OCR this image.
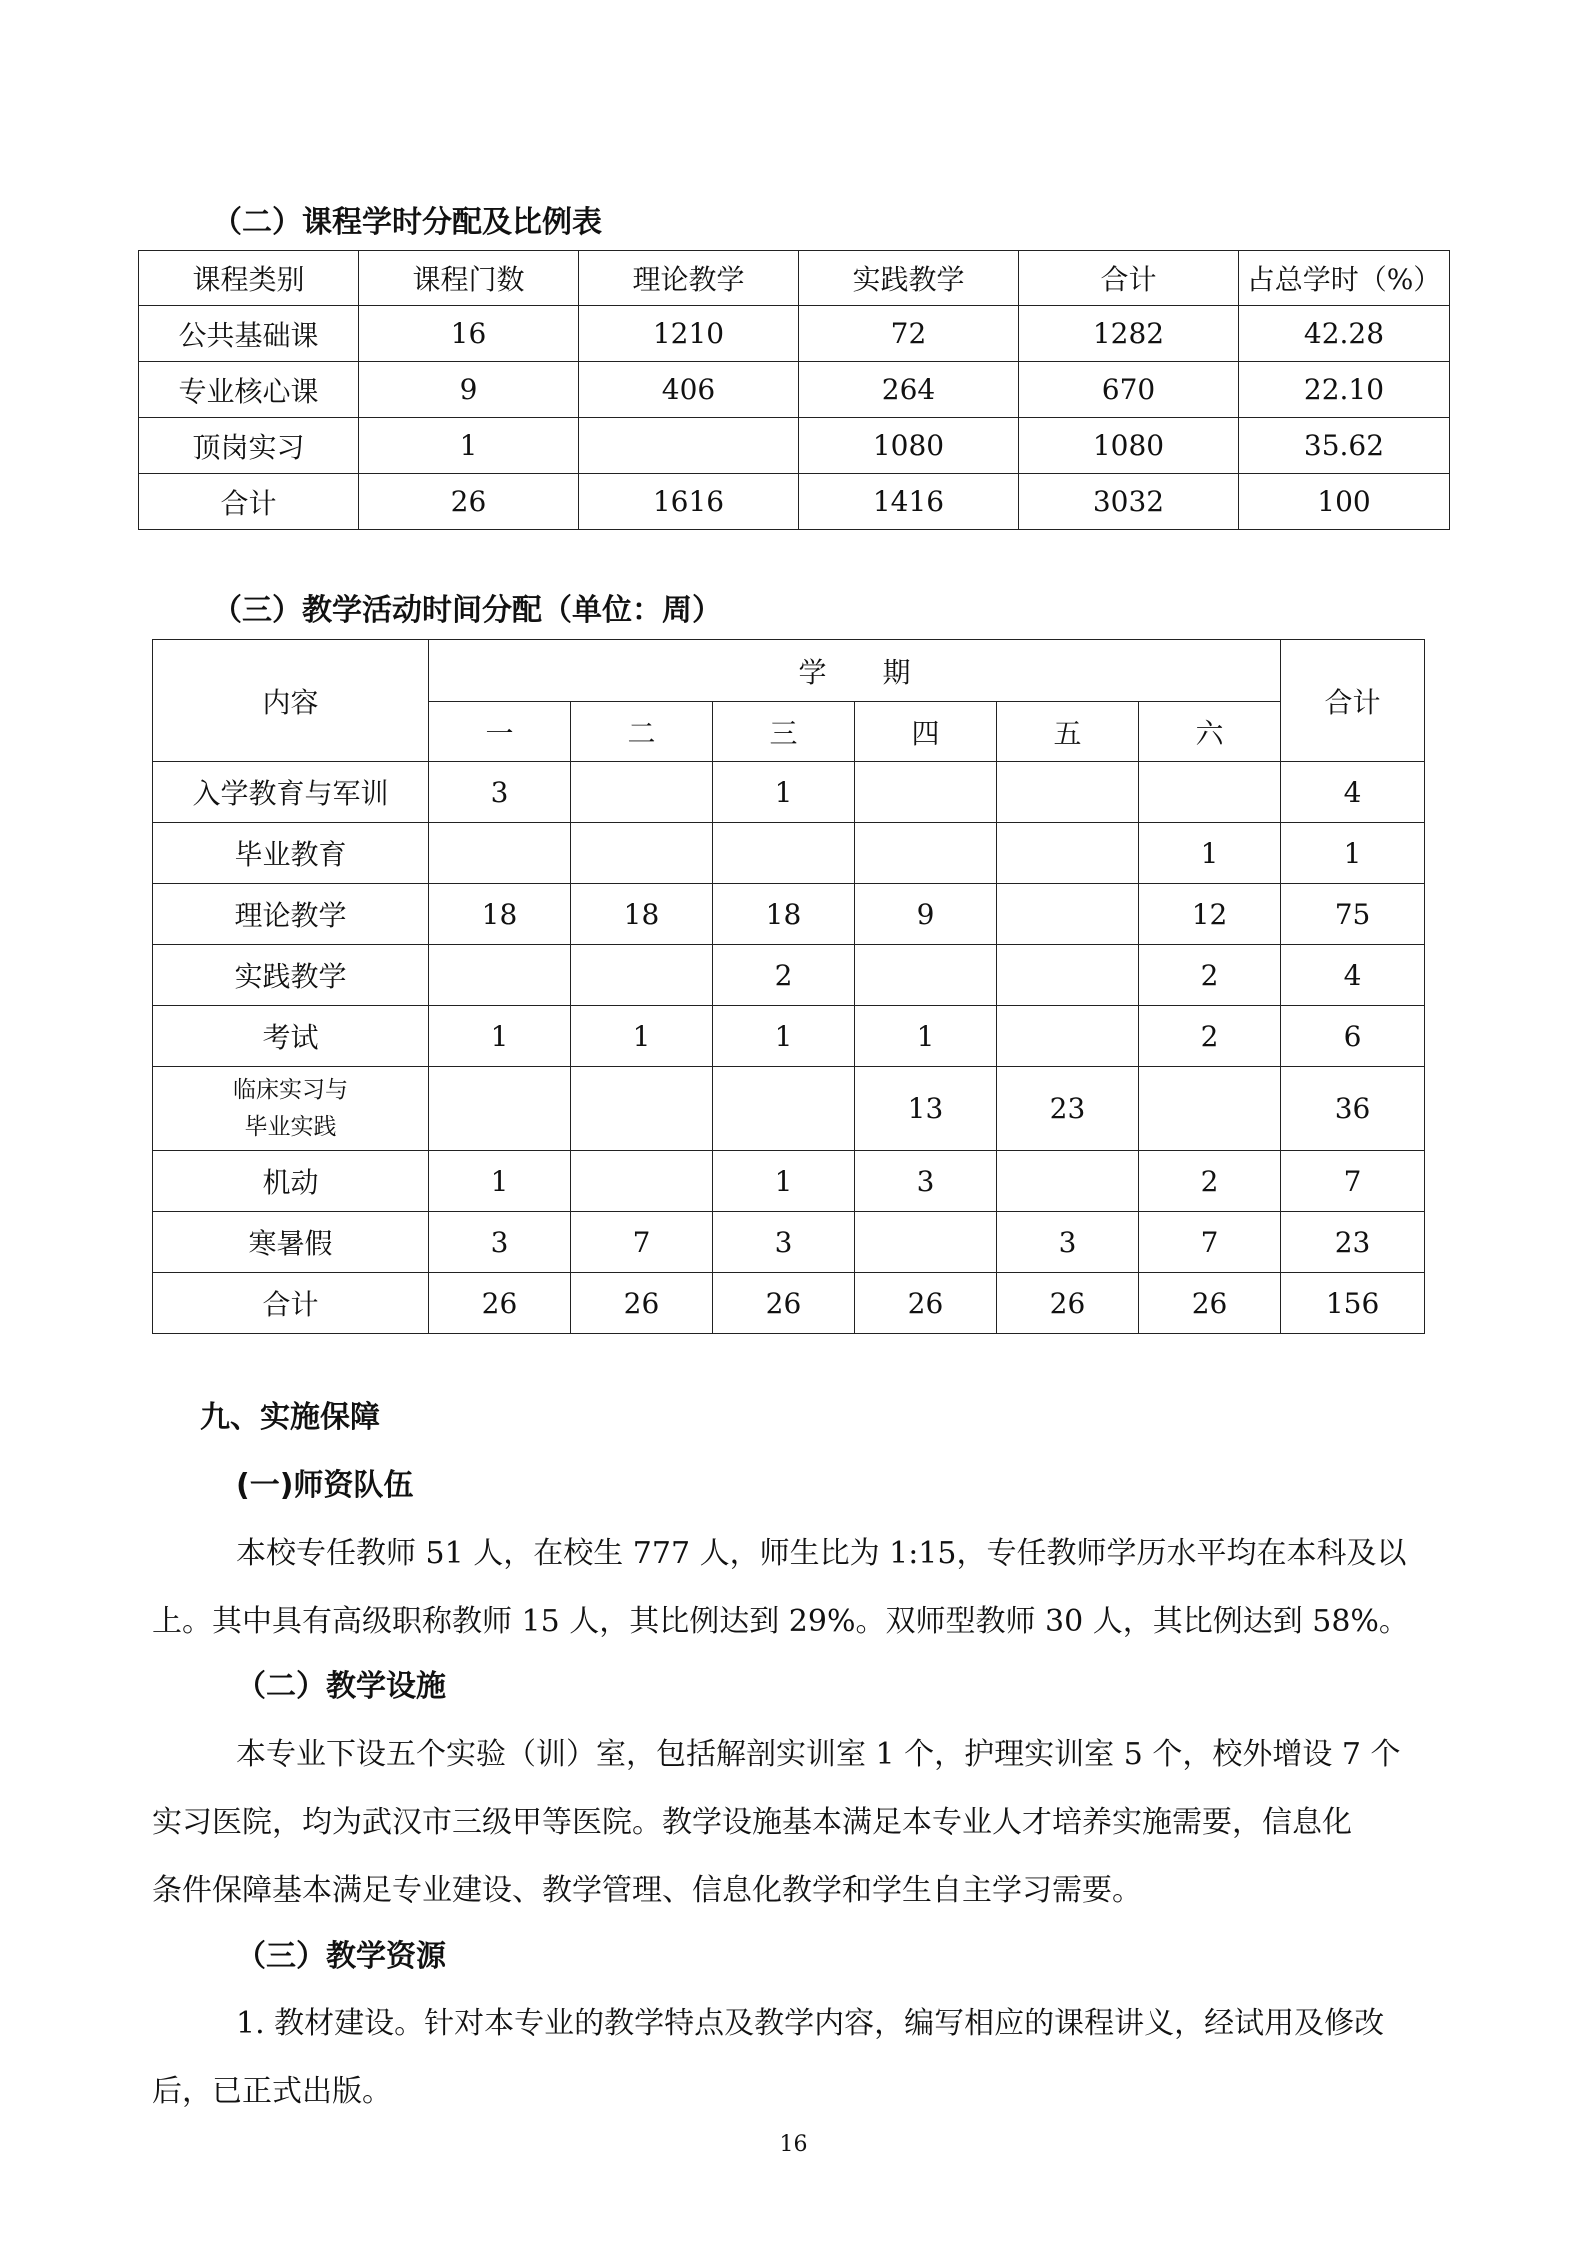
（二）课程学时分配及比例表
课程类别	课程门数	理论教学	实践教学	合计	占总学时（%）
公共基础课	16	1210	72	1282	42.28
专业核心课	9	406	264	670	22.10
顶岗实习	1		1080	1080	35.62
合计	26	1616	1416	3032	100
（三）教学活动时间分配（单位：周）
内容	学　　期						合计
	一	二	三	四	五	六	
入学教育与军训	3		1				4
毕业教育						1	1
理论教学	18	18	18	9		12	75
实践教学			2			2	4
考试	1	1	1	1		2	6

临床实习与
毕业实践				13	23		36
机动	1		1	3		2	7
寒暑假	3	7	3		3	7	23
合计	26	26	26	26	26	26	156
九、实施保障
(一)师资队伍
本校专任教师 51 人，在校生 777 人，师生比为 1:15，专任教师学历水平均在本科及以
上。其中具有高级职称教师 15 人，其比例达到 29%。双师型教师 30 人，其比例达到 58%。
（二）教学设施
本专业下设五个实验（训）室，包括解剖实训室 1 个，护理实训室 5 个，校外增设 7 个
实习医院，均为武汉市三级甲等医院。教学设施基本满足本专业人才培养实施需要，信息化
条件保障基本满足专业建设、教学管理、信息化教学和学生自主学习需要。
（三）教学资源
1. 教材建设。针对本专业的教学特点及教学内容，编写相应的课程讲义，经试用及修改
后，已正式出版。
16
